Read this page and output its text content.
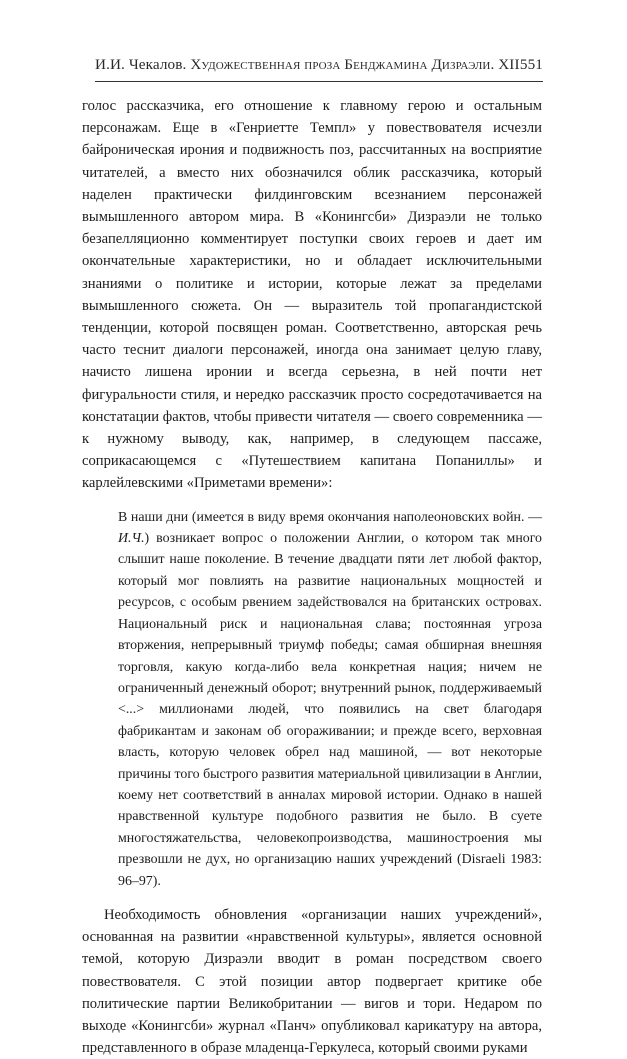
И.И. Чекалов. Художественная проза Бенджамина Дизраэли. XII 551

голос рассказчика, его отношение к главному герою и остальным персонажам. Еще в «Генриетте Темпл» у повествователя исчезли байроническая ирония и подвижность поз, рассчитанных на восприятие читателей, а вместо них обозначился облик рассказчика, который наделен практически филдинговским всезнанием персонажей вымышленного автором мира. В «Конингсби» Дизраэли не только безапелляционно комментирует поступки своих героев и дает им окончательные характеристики, но и обладает исключительными знаниями о политике и истории, которые лежат за пределами вымышленного сюжета. Он — выразитель той пропагандистской тенденции, которой посвящен роман. Соответственно, авторская речь часто теснит диалоги персонажей, иногда она занимает целую главу, начисто лишена иронии и всегда серьезна, в ней почти нет фигуральности стиля, и нередко рассказчик просто сосредотачивается на констатации фактов, чтобы привести читателя — своего современника — к нужному выводу, как, например, в следующем пассаже, соприкасающемся с «Путешествием капитана Попаниллы» и карлейлевскими «Приметами времени»:

В наши дни (имеется в виду время окончания наполеоновских войн. — И.Ч.) возникает вопрос о положении Англии, о котором так много слышит наше поколение. В течение двадцати пяти лет любой фактор, который мог повлиять на развитие национальных мощностей и ресурсов, с особым рвением задействовался на британских островах. Национальный риск и национальная слава; постоянная угроза вторжения, непрерывный триумф победы; самая обширная внешняя торговля, какую когда-либо вела конкретная нация; ничем не ограниченный денежный оборот; внутренний рынок, поддерживаемый <...> миллионами людей, что появились на свет благодаря фабрикантам и законам об огораживании; и прежде всего, верховная власть, которую человек обрел над машиной, — вот некоторые причины того быстрого развития материальной цивилизации в Англии, коему нет соответствий в анналах мировой истории. Однако в нашей нравственной культуре подобного развития не было. В суете многостяжательства, человекопроизводства, машиностроения мы презвошли не дух, но организацию наших учреждений (Disraeli 1983: 96–97).

Необходимость обновления «организации наших учреждений», основанная на развитии «нравственной культуры», является основной темой, которую Дизраэли вводит в роман посредством своего повествователя. С этой позиции автор подвергает критике обе политические партии Великобритании — вигов и тори. Недаром по выходе «Конингсби» журнал «Панч» опубликовал карикатуру на автора, представленного в образе младенца-Геркулеса, который своими руками
